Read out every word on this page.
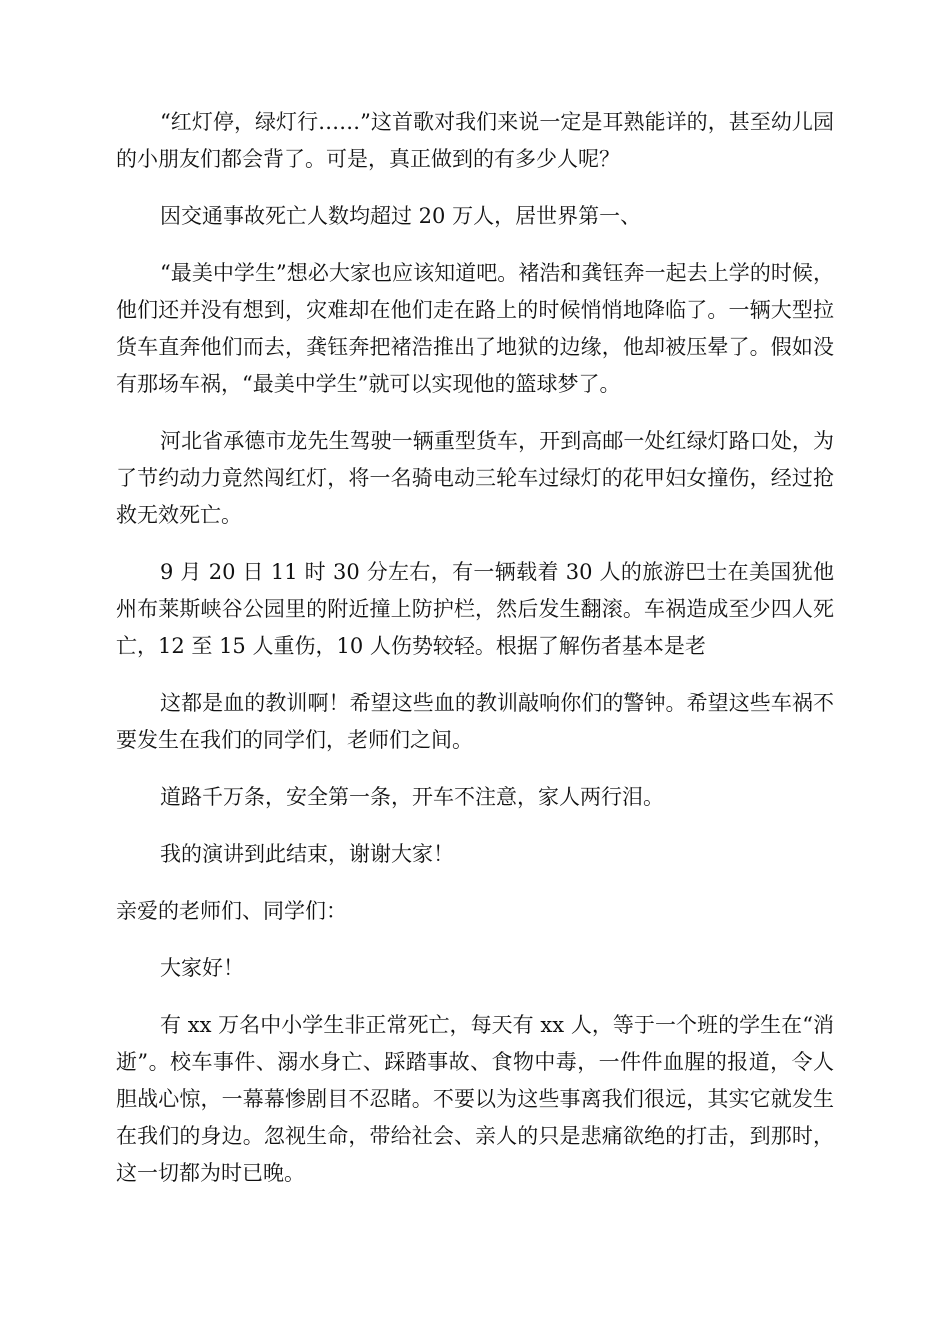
“红灯停，绿灯行……”这首歌对我们来说一定是耳熟能详的，甚至幼儿园的小朋友们都会背了。可是，真正做到的有多少人呢？

因交通事故死亡人数均超过 20 万人，居世界第一、

“最美中学生”想必大家也应该知道吧。褚浩和龚钰奔一起去上学的时候，他们还并没有想到，灾难却在他们走在路上的时候悄悄地降临了。一辆大型拉货车直奔他们而去，龚钰奔把褚浩推出了地狱的边缘，他却被压晕了。假如没有那场车祸，“最美中学生”就可以实现他的篮球梦了。

河北省承德市龙先生驾驶一辆重型货车，开到高邮一处红绿灯路口处，为了节约动力竟然闯红灯，将一名骑电动三轮车过绿灯的花甲妇女撞伤，经过抢救无效死亡。

9 月 20 日 11 时 30 分左右，有一辆载着 30 人的旅游巴士在美国犹他州布莱斯峡谷公园里的附近撞上防护栏，然后发生翻滚。车祸造成至少四人死亡，12 至 15 人重伤，10 人伤势较轻。根据了解伤者基本是老

这都是血的教训啊！希望这些血的教训敲响你们的警钟。希望这些车祸不要发生在我们的同学们，老师们之间。

道路千万条，安全第一条，开车不注意，家人两行泪。

我的演讲到此结束，谢谢大家！

亲爱的老师们、同学们：

大家好！

有 xx 万名中小学生非正常死亡，每天有 xx 人，等于一个班的学生在“消逝”。校车事件、溺水身亡、踩踏事故、食物中毒，一件件血腥的报道，令人胆战心惊，一幕幕惨剧目不忍睹。不要以为这些事离我们很远，其实它就发生在我们的身边。忽视生命，带给社会、亲人的只是悲痛欲绝的打击，到那时，这一切都为时已晚。
